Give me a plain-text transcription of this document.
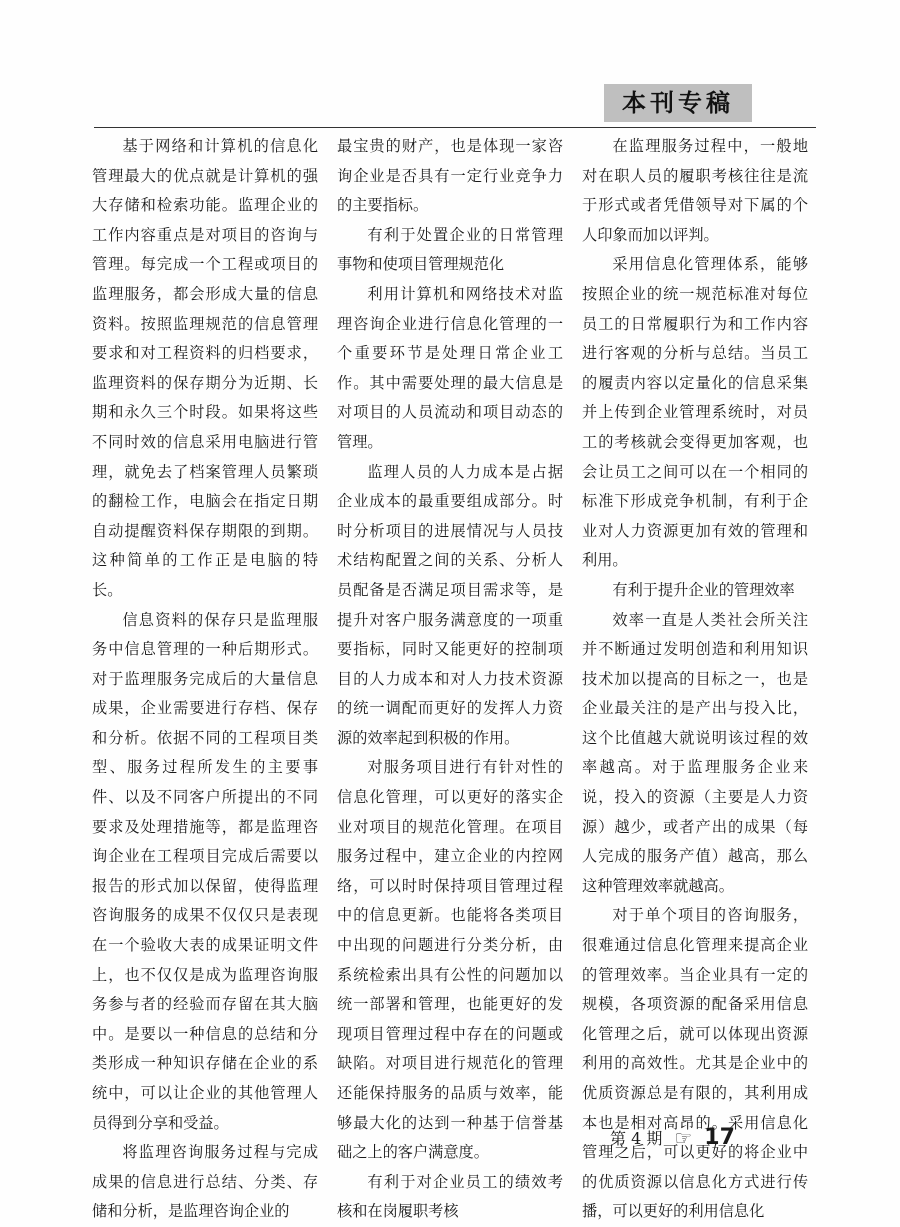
本刊专稿

基于网络和计算机的信息化管理最大的优点就是计算机的强大存储和检索功能。监理企业的工作内容重点是对项目的咨询与管理。每完成一个工程或项目的监理服务，都会形成大量的信息资料。按照监理规范的信息管理要求和对工程资料的归档要求，监理资料的保存期分为近期、长期和永久三个时段。如果将这些不同时效的信息采用电脑进行管理，就免去了档案管理人员繁琐的翻检工作，电脑会在指定日期自动提醒资料保存期限的到期。这种简单的工作正是电脑的特长。

信息资料的保存只是监理服务中信息管理的一种后期形式。对于监理服务完成后的大量信息成果，企业需要进行存档、保存和分析。依据不同的工程项目类型、服务过程所发生的主要事件、以及不同客户所提出的不同要求及处理措施等，都是监理咨询企业在工程项目完成后需要以报告的形式加以保留，使得监理咨询服务的成果不仅仅只是表现在一个验收大表的成果证明文件上，也不仅仅是成为监理咨询服务参与者的经验而存留在其大脑中。是要以一种信息的总结和分类形成一种知识存储在企业的系统中，可以让企业的其他管理人员得到分享和受益。

将监理咨询服务过程与完成成果的信息进行总结、分类、存储和分析，是监理咨询企业的

最宝贵的财产，也是体现一家咨询企业是否具有一定行业竞争力的主要指标。

有利于处置企业的日常管理事物和使项目管理规范化

利用计算机和网络技术对监理咨询企业进行信息化管理的一个重要环节是处理日常企业工作。其中需要处理的最大信息是对项目的人员流动和项目动态的管理。

监理人员的人力成本是占据企业成本的最重要组成部分。时时分析项目的进展情况与人员技术结构配置之间的关系、分析人员配备是否满足项目需求等，是提升对客户服务满意度的一项重要指标，同时又能更好的控制项目的人力成本和对人力技术资源的统一调配而更好的发挥人力资源的效率起到积极的作用。

对服务项目进行有针对性的信息化管理，可以更好的落实企业对项目的规范化管理。在项目服务过程中，建立企业的内控网络，可以时时保持项目管理过程中的信息更新。也能将各类项目中出现的问题进行分类分析，由系统检索出具有公性的问题加以统一部署和管理，也能更好的发现项目管理过程中存在的问题或缺陷。对项目进行规范化的管理还能保持服务的品质与效率，能够最大化的达到一种基于信誉基础之上的客户满意度。

有利于对企业员工的绩效考核和在岗履职考核

在监理服务过程中，一般地对在职人员的履职考核往往是流于形式或者凭借领导对下属的个人印象而加以评判。

采用信息化管理体系，能够按照企业的统一规范标准对每位员工的日常履职行为和工作内容进行客观的分析与总结。当员工的履责内容以定量化的信息采集并上传到企业管理系统时，对员工的考核就会变得更加客观，也会让员工之间可以在一个相同的标准下形成竞争机制，有利于企业对人力资源更加有效的管理和利用。

有利于提升企业的管理效率

效率一直是人类社会所关注并不断通过发明创造和利用知识技术加以提高的目标之一，也是企业最关注的是产出与投入比，这个比值越大就说明该过程的效率越高。对于监理服务企业来说，投入的资源（主要是人力资源）越少，或者产出的成果（每人完成的服务产值）越高，那么这种管理效率就越高。

对于单个项目的咨询服务，很难通过信息化管理来提高企业的管理效率。当企业具有一定的规模，各项资源的配备采用信息化管理之后，就可以体现出资源利用的高效性。尤其是企业中的优质资源总是有限的，其利用成本也是相对高昂的。采用信息化管理之后，可以更好的将企业中的优质资源以信息化方式进行传播，可以更好的利用信息化

第 4 期 ☞ 17
